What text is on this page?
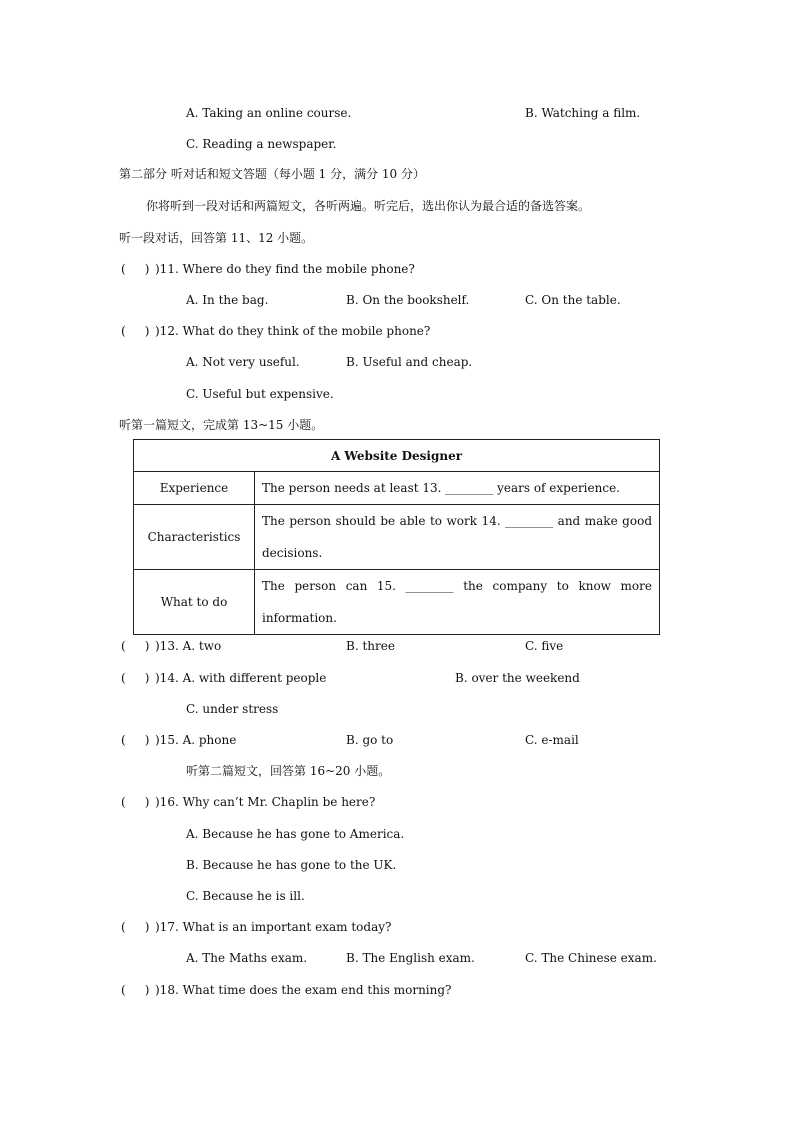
A. Taking an online course.	B. Watching a film.
C. Reading a newspaper.
第二部分 听对话和短文答题（每小题 1 分，满分 10 分）
你将听到一段对话和两篇短文，各听两遍。听完后，选出你认为最合适的备选答案。
听一段对话，回答第 11、12 小题。
(     ) )11. Where do they find the mobile phone?
A. In the bag.	B. On the bookshelf.	C. On the table.
(     ) )12. What do they think of the mobile phone?
A. Not very useful.	B. Useful and cheap.
C. Useful but expensive.
听第一篇短文，完成第 13~15 小题。
A Website Designer	
Experience	The person needs at least 13. ________ years of experience.
Characteristics	The person should be able to work 14. ________ and make good decisions.
What to do	The person can 15. ________ the company to know more information.
(     ) )13. A. two	B. three	C. five
(     ) )14. A. with different people	B. over the weekend
C. under stress
(     ) )15. A. phone	B. go to	C. e-mail
听第二篇短文，回答第 16~20 小题。
(     ) )16. Why can’t Mr. Chaplin be here?
A. Because he has gone to America.
B. Because he has gone to the UK.
C. Because he is ill.
(     ) )17. What is an important exam today?
A. The Maths exam.	B. The English exam.	C. The Chinese exam.
(     ) )18. What time does the exam end this morning?
